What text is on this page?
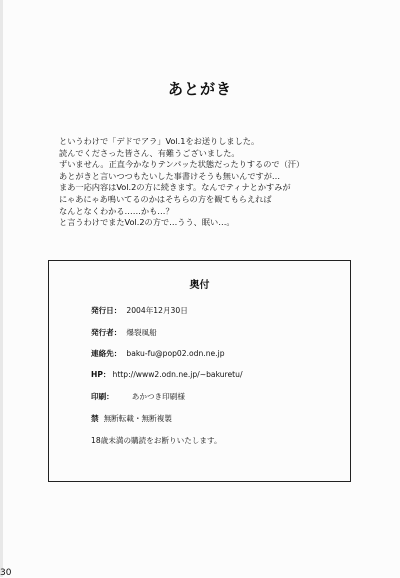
あとがき
というわけで「デドでアラ」Vol.1をお送りしました。
読んでくださった皆さん、有難うございました。
ずいません。正直今かなりテンパッた状態だったりするので（汗）
あとがきと言いつつもたいした事書けそうも無いんですが…
まあ一応内容はVol.2の方に続きます。なんでティナとかすみが
にゃあにゃあ鳴いてるのかはそちらの方を観てもらえれば
なんとなくわかる……かも…？
と言うわけでまたVol.2の方で…うう、眠い…。
奥付
発行日： 2004年12月30日
発行者： 爆裂風船
連絡先： baku-fu@pop02.odn.ne.jp
HP： http://www2.odn.ne.jp/~bakuretu/
印刷： あかつき印刷様
禁 無断転載・無断複製
18歳未満の購読をお断りいたします。
30
